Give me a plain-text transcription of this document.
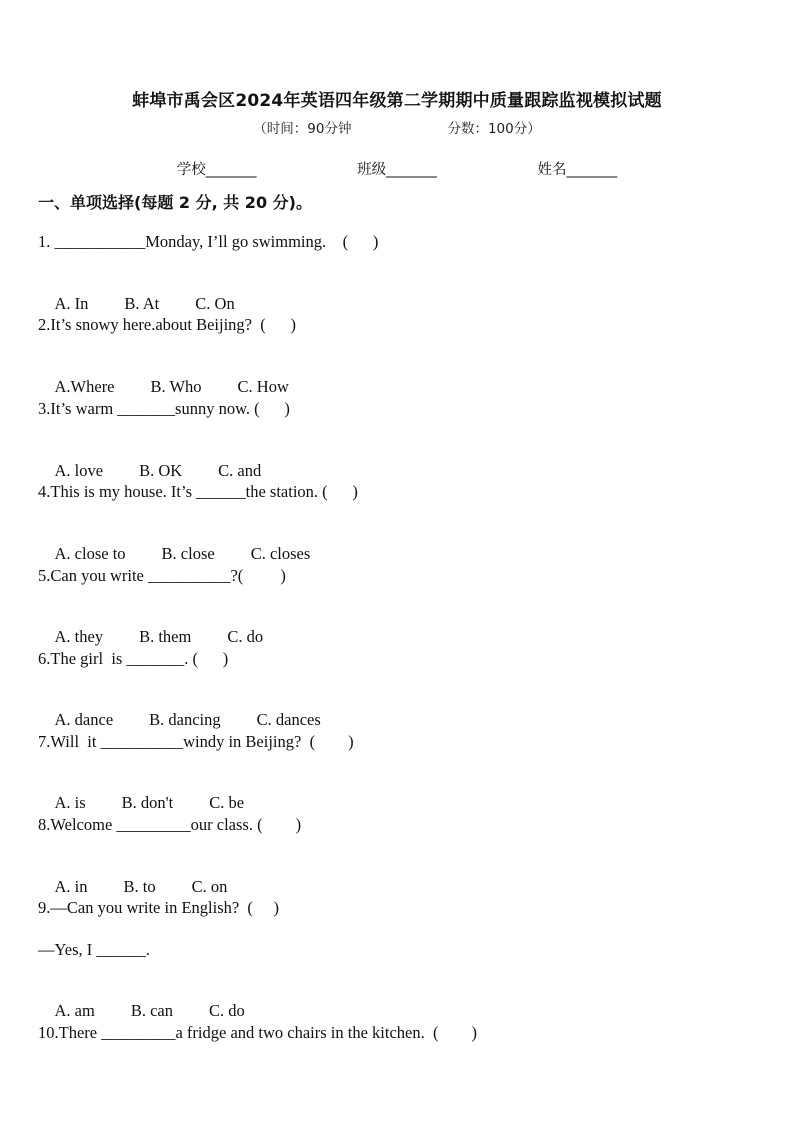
蚌埠市禹会区2024年英语四年级第二学期期中质量跟踪监视模拟试题
（时间：90分钟	分数：100分）
学校_______	班级_______	姓名_______
一、单项选择(每题 2 分, 共 20 分)。
1. ___________Monday, I’ll go swimming.    (      )

A. In B. At C. On

2.It’s snowy here.about Beijing?  (      )

A.Where B. Who C. How

3.It’s warm _______sunny now. (      )

A. love B. OK C. and

4.This is my house. It’s ______the station. (      )

A. close to B. close C. closes

5.Can you write __________?(         )

A. they B. them C. do

6.The girl  is _______. (      )

A. dance B. dancing C. dances

7.Will  it __________windy in Beijing?  (        )

A. is B. don't C. be

8.Welcome _________our class. (        )

A. in B. to C. on

9.—Can you write in English?  (     )
—Yes, I ______.

A. am B. can C. do

10.There _________a fridge and two chairs in the kitchen.  (        )
